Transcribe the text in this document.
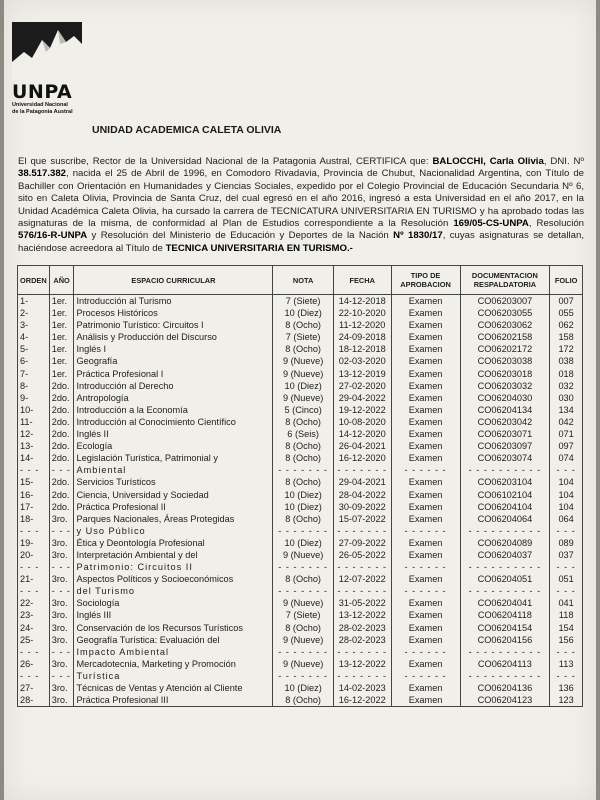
UNPA
Universidad Nacional
de la Patagonia Austral
UNIDAD ACADEMICA CALETA OLIVIA
El que suscribe, Rector de la Universidad Nacional de la Patagonia Austral, CERTIFICA que: BALOCCHI, Carla Olivia, DNI. Nº 38.517.382, nacida el 25 de Abril de 1996, en Comodoro Rivadavia, Provincia de Chubut, Nacionalidad Argentina, con Título de Bachiller con Orientación en Humanidades y Ciencias Sociales, expedido por el Colegio Provincial de Educación Secundaria Nº 6, sito en Caleta Olivia, Provincia de Santa Cruz, del cual egresó en el año 2016, ingresó a esta Universidad en el año 2017, en la Unidad Académica Caleta Olivia, ha cursado la carrera de TECNICATURA UNIVERSITARIA EN TURISMO y ha aprobado todas las asignaturas de la misma, de conformidad al Plan de Estudios correspondiente a la Resolución 169/05-CS-UNPA, Resolución 576/16-R-UNPA y Resolución del Ministerio de Educación y Deportes de la Nación Nº 1830/17, cuyas asignaturas se detallan, haciéndose acreedora al Título de TECNICA UNIVERSITARIA EN TURISMO.-
ORDEN	AÑO	ESPACIO CURRICULAR	NOTA	FECHA	TIPO DE APROBACION	DOCUMENTACION RESPALDATORIA	FOLIO
1-	1er.	Introducción al Turismo	7 (Siete)	14-12-2018	Examen	CO06203007	007
2-	1er.	Procesos Históricos	10 (Diez)	22-10-2020	Examen	CO06203055	055
3-	1er.	Patrimonio Turístico: Circuitos I	8 (Ocho)	11-12-2020	Examen	CO06203062	062
4-	1er.	Análisis y Producción del Discurso	7 (Siete)	24-09-2018	Examen	CO06202158	158
5-	1er.	Inglés I	8 (Ocho)	18-12-2018	Examen	CO06202172	172
6-	1er.	Geografía	9 (Nueve)	02-03-2020	Examen	CO06203038	038
7-	1er.	Práctica Profesional I	9 (Nueve)	13-12-2019	Examen	CO06203018	018
8-	2do.	Introducción al Derecho	10 (Diez)	27-02-2020	Examen	CO06203032	032
9-	2do.	Antropología	9 (Nueve)	29-04-2022	Examen	CO06204030	030
10-	2do.	Introducción a la Economía	5 (Cinco)	19-12-2022	Examen	CO06204134	134
11-	2do.	Introducción al Conocimiento Científico	8 (Ocho)	10-08-2020	Examen	CO06203042	042
12-	2do.	Inglés II	6 (Seis)	14-12-2020	Examen	CO06203071	071
13-	2do.	Ecología	8 (Ocho)	26-04-2021	Examen	CO06203097	097
14-	2do.	Legislación Turística, Patrimonial y	8 (Ocho)	16-12-2020	Examen	CO06203074	074
- - -	- - -	Ambiental	- - - - - - -	- - - - - - -	- - - - - -	- - - - - - - - - -	- - -
15-	2do.	Servicios Turísticos	8 (Ocho)	29-04-2021	Examen	CO06203104	104
16-	2do.	Ciencia, Universidad y Sociedad	10 (Diez)	28-04-2022	Examen	CO06102104	104
17-	2do.	Práctica Profesional II	10 (Diez)	30-09-2022	Examen	CO06204104	104
18-	3ro.	Parques Nacionales, Áreas Protegidas	8 (Ocho)	15-07-2022	Examen	CO06204064	064
- - -	- - -	y Uso Público	- - - - - - -	- - - - - - -	- - - - - -	- - - - - - - - - -	- - -
19-	3ro.	Ética y Deontología Profesional	10 (Diez)	27-09-2022	Examen	CO06204089	089
20-	3ro.	Interpretación Ambiental y del	9 (Nueve)	26-05-2022	Examen	CO06204037	037
- - -	- - -	Patrimonio: Circuitos II	- - - - - - -	- - - - - - -	- - - - - -	- - - - - - - - - -	- - -
21-	3ro.	Aspectos Políticos y Socioeconómicos	8 (Ocho)	12-07-2022	Examen	CO06204051	051
- - -	- - -	del Turismo	- - - - - - -	- - - - - - -	- - - - - -	- - - - - - - - - -	- - -
22-	3ro.	Sociología	9 (Nueve)	31-05-2022	Examen	CO06204041	041
23-	3ro.	Inglés III	7 (Siete)	13-12-2022	Examen	CO06204118	118
24-	3ro.	Conservación de los Recursos Turísticos	8 (Ocho)	28-02-2023	Examen	CO06204154	154
25-	3ro.	Geografía Turística: Evaluación del	9 (Nueve)	28-02-2023	Examen	CO06204156	156
- - -	- - -	Impacto Ambiental	- - - - - - -	- - - - - - -	- - - - - -	- - - - - - - - - -	- - -
26-	3ro.	Mercadotecnia, Marketing y Promoción	9 (Nueve)	13-12-2022	Examen	CO06204113	113
- - -	- - -	Turística	- - - - - - -	- - - - - - -	- - - - - -	- - - - - - - - - -	- - -
27-	3ro.	Técnicas de Ventas y Atención al Cliente	10 (Diez)	14-02-2023	Examen	CO06204136	136
28-	3ro.	Práctica Profesional III	8 (Ocho)	16-12-2022	Examen	CO06204123	123
